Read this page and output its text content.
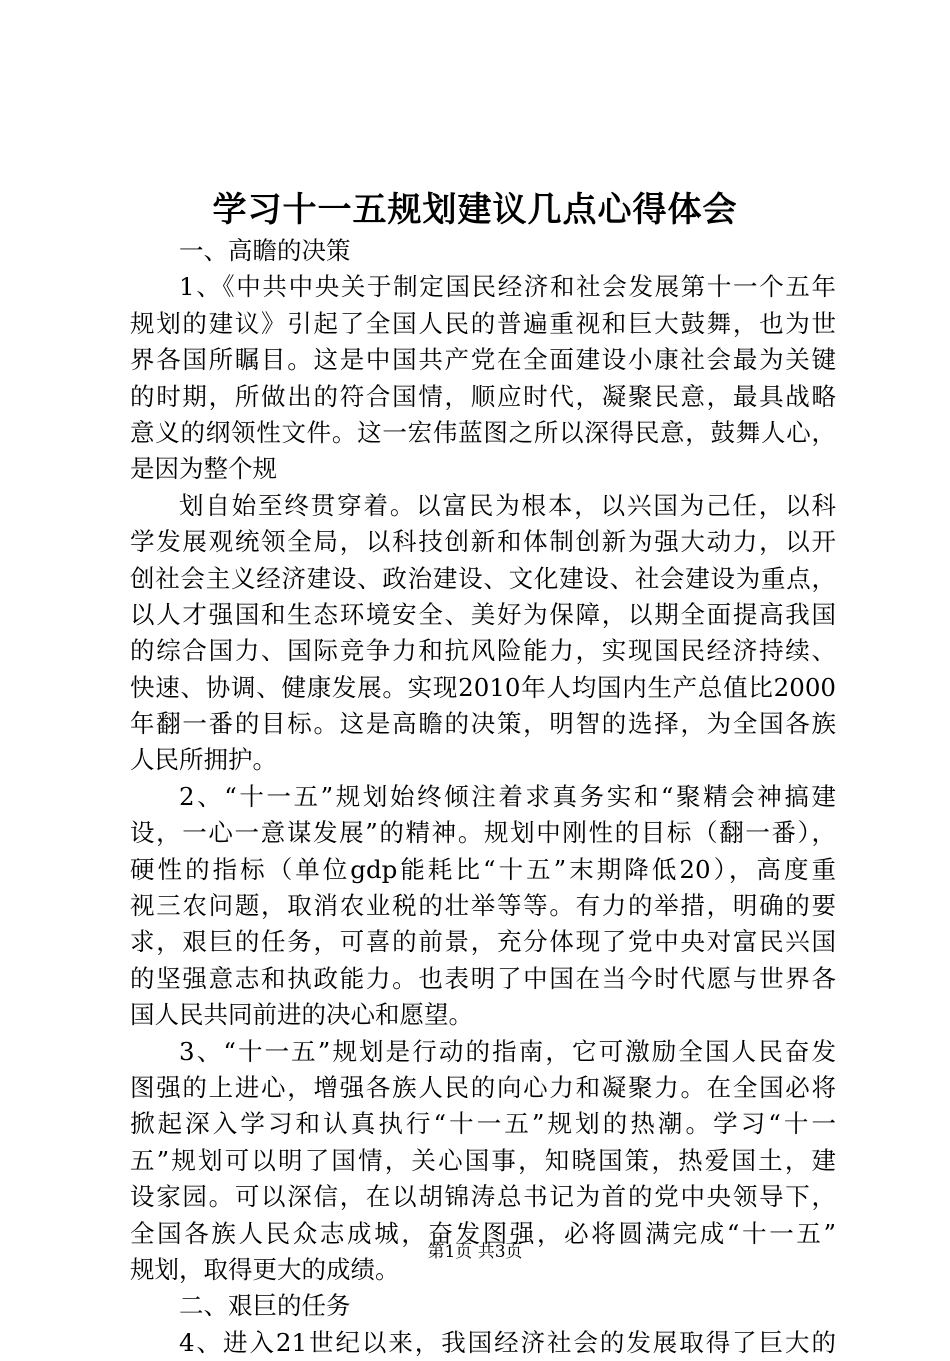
学习十一五规划建议几点心得体会
一、高瞻的决策
1、《中共中央关于制定国民经济和社会发展第十一个五年
规划的建议》引起了全国人民的普遍重视和巨大鼓舞，也为世
界各国所瞩目。这是中国共产党在全面建设小康社会最为关键
的时期，所做出的符合国情，顺应时代，凝聚民意，最具战略
意义的纲领性文件。这一宏伟蓝图之所以深得民意，鼓舞人心，
是因为整个规
划自始至终贯穿着。以富民为根本，以兴国为己任，以科
学发展观统领全局，以科技创新和体制创新为强大动力，以开
创社会主义经济建设、政治建设、文化建设、社会建设为重点，
以人才强国和生态环境安全、美好为保障，以期全面提高我国
的综合国力、国际竞争力和抗风险能力，实现国民经济持续、
快速、协调、健康发展。实现2010年人均国内生产总值比2000
年翻一番的目标。这是高瞻的决策，明智的选择，为全国各族
人民所拥护。
2、“十一五”规划始终倾注着求真务实和“聚精会神搞建
设，一心一意谋发展”的精神。规划中刚性的目标（翻一番），
硬性的指标（单位gdp能耗比“十五”末期降低20），高度重
视三农问题，取消农业税的壮举等等。有力的举措，明确的要
求，艰巨的任务，可喜的前景，充分体现了党中央对富民兴国
的坚强意志和执政能力。也表明了中国在当今时代愿与世界各
国人民共同前进的决心和愿望。
3、“十一五”规划是行动的指南，它可激励全国人民奋发
图强的上进心，增强各族人民的向心力和凝聚力。在全国必将
掀起深入学习和认真执行“十一五”规划的热潮。学习“十一
五”规划可以明了国情，关心国事，知晓国策，热爱国土，建
设家园。可以深信，在以胡锦涛总书记为首的党中央领导下，
全国各族人民众志成城，奋发图强，必将圆满完成“十一五”
规划，取得更大的成绩。
二、艰巨的任务
4、进入21世纪以来，我国经济社会的发展取得了巨大的
第1页 共3页
